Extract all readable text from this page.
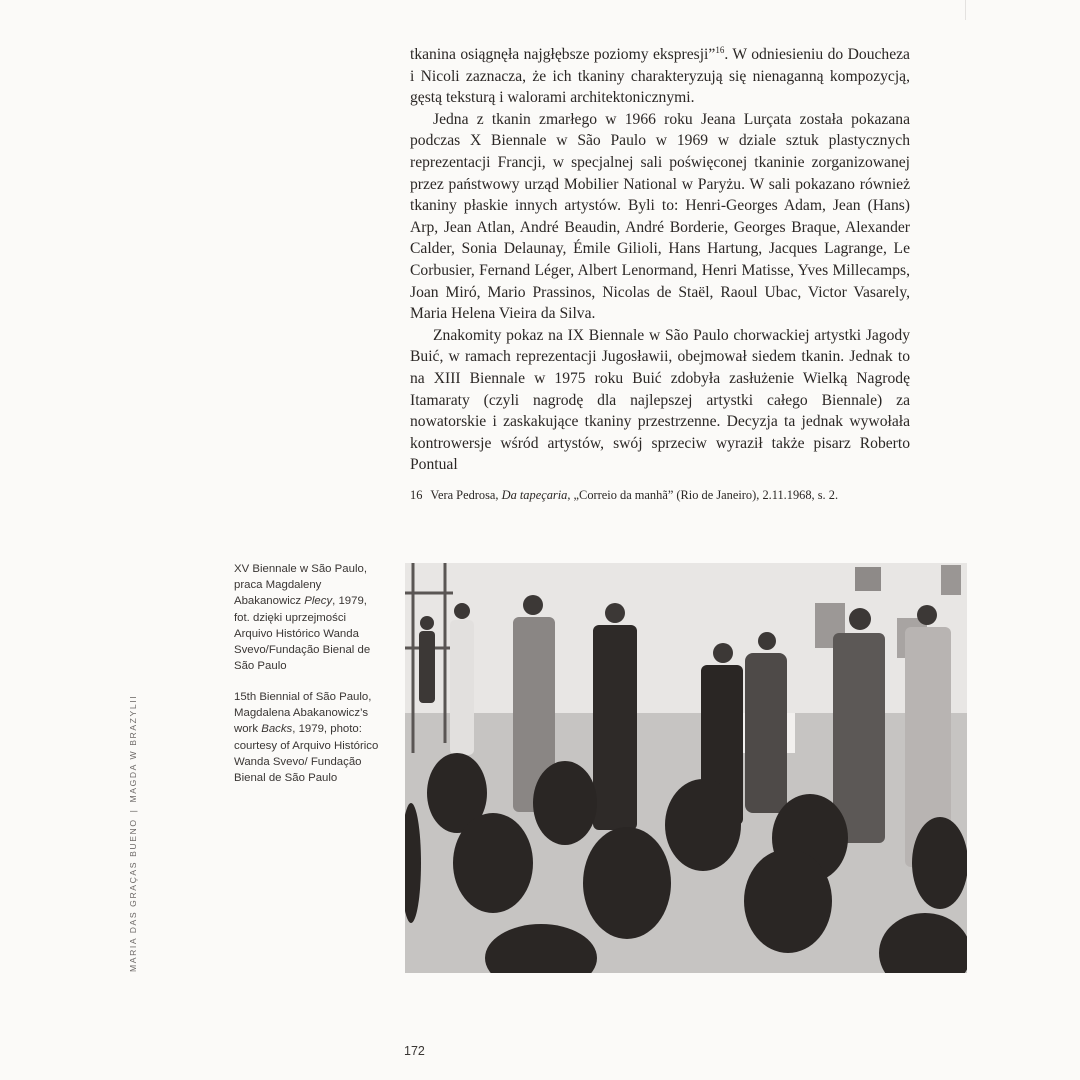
tkanina osiągnęła najgłębsze poziomy ekspresji”$^{16}$. W odniesieniu do Doucheza i Nicoli zaznacza, że ich tkaniny charakteryzują się nienaganną kompozycją, gęstą teksturą i walorami architektonicznymi.

Jedna z tkanin zmarłego w 1966 roku Jeana Lurçata została pokazana podczas X Biennale w São Paulo w 1969 w dziale sztuk plastycznych reprezentacji Francji, w specjalnej sali poświęconej tkaninie zorganizowanej przez państwowy urząd Mobilier National w Paryżu. W sali pokazano również tkaniny płaskie innych artystów. Byli to: Henri-Georges Adam, Jean (Hans) Arp, Jean Atlan, André Beaudin, André Borderie, Georges Braque, Alexander Calder, Sonia Delaunay, Émile Gilioli, Hans Hartung, Jacques Lagrange, Le Corbusier, Fernand Léger, Albert Lenormand, Henri Matisse, Yves Millecamps, Joan Miró, Mario Prassinos, Nicolas de Staël, Raoul Ubac, Victor Vasarely, Maria Helena Vieira da Silva.

Znakomity pokaz na IX Biennale w São Paulo chorwackiej artystki Jagody Buić, w ramach reprezentacji Jugosławii, obejmował siedem tkanin. Jednak to na XIII Biennale w 1975 roku Buić zdobyła zasłużenie Wielką Nagrodę Itamaraty (czyli nagrodę dla najlepszej artystki całego Biennale) za nowatorskie i zaskakujące tkaniny przestrzenne. Decyzja ta jednak wywołała kontrowersje wśród artystów, swój sprzeciw wyraził także pisarz Roberto Pontual

16 Vera Pedrosa, Da tapeçaria, „Correio da manhã” (Rio de Janeiro), 2.11.1968, s. 2.
XV Biennale w São Paulo, praca Magdaleny Abakanowicz Plecy, 1979, fot. dzięki uprzejmości Arquivo Histórico Wanda Svevo/Fundação Bienal de São Paulo
15th Biennial of São Paulo, Magdalena Abakanowicz’s work Backs, 1979, photo: courtesy of Arquivo Histórico Wanda Svevo/ Fundação Bienal de São Paulo
MARIA DAS GRAÇAS BUENO|MAGDA W BRAZYLII
172
